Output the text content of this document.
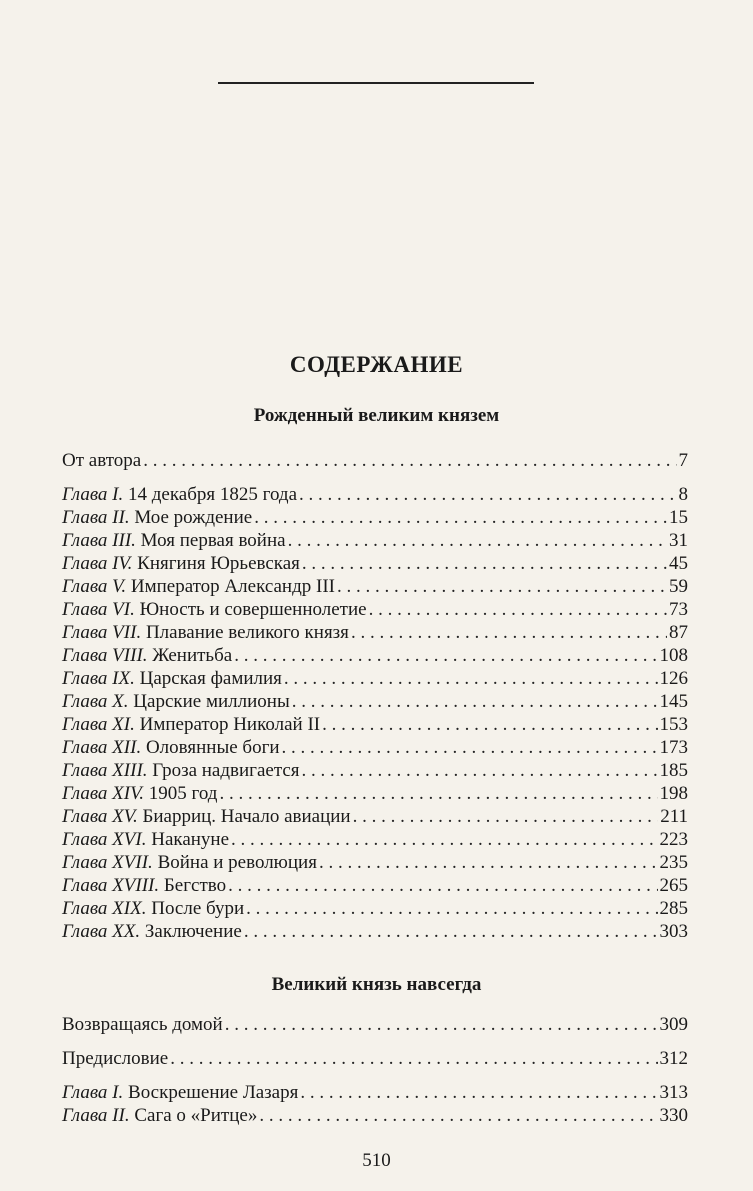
СОДЕРЖАНИЕ
Рожденный великим князем
От автора . . .	7
Глава I. 14 декабря 1825 года . . .	8
Глава II. Мое рождение . . .	15
Глава III. Моя первая война . . .	31
Глава IV. Княгиня Юрьевская . . .	45
Глава V. Император Александр III . . .	59
Глава VI. Юность и совершеннолетие . . .	73
Глава VII. Плавание великого князя . . .	87
Глава VIII. Женитьба . . .	108
Глава IX. Царская фамилия . . .	126
Глава X. Царские миллионы . . .	145
Глава XI. Император Николай II . . .	153
Глава XII. Оловянные боги . . .	173
Глава XIII. Гроза надвигается . . .	185
Глава XIV. 1905 год . . .	198
Глава XV. Биарриц. Начало авиации . . .	211
Глава XVI. Накануне . . .	223
Глава XVII. Война и революция . . .	235
Глава XVIII. Бегство . . .	265
Глава XIX. После бури . . .	285
Глава XX. Заключение . . .	303
Великий князь навсегда
Возвращаясь домой . . .	309
Предисловие . . .	312
Глава I. Воскрешение Лазаря . . .	313
Глава II. Сага о «Ритце» . . .	330
510
